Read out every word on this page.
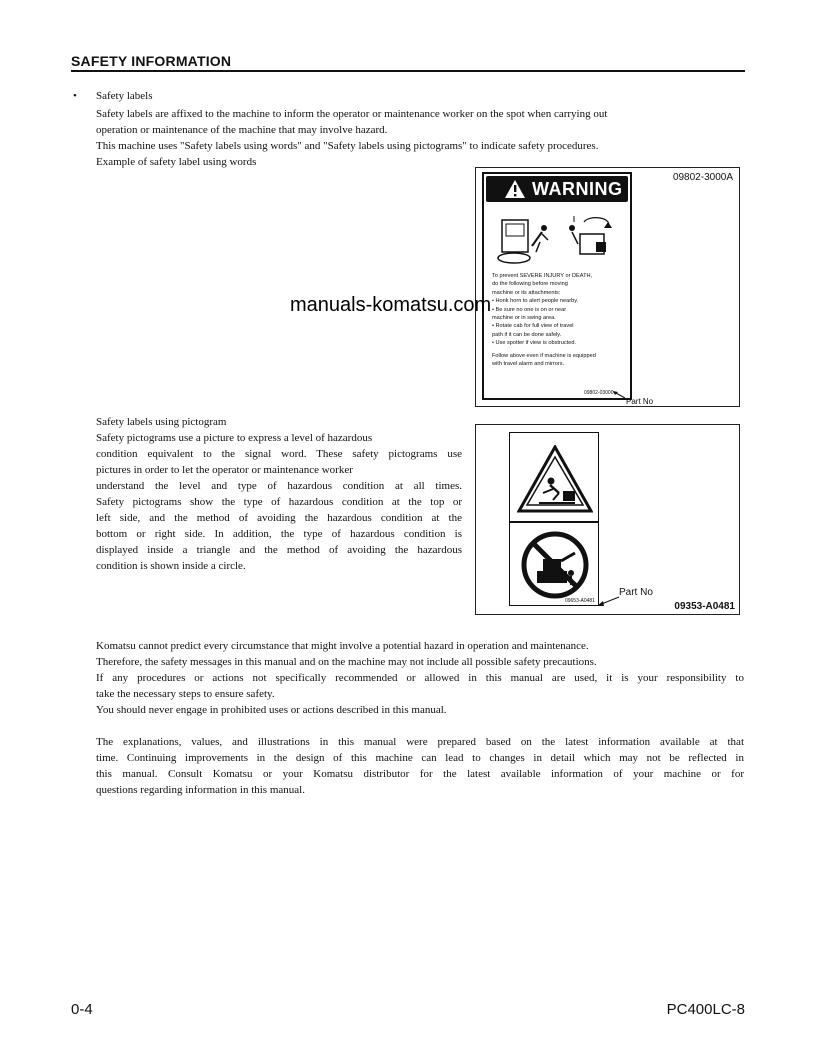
SAFETY INFORMATION
• Safety labels
Safety labels are affixed to the machine to inform the operator or maintenance worker on the spot when carrying out
operation or maintenance of the machine that may involve hazard.
This machine uses "Safety labels using words" and "Safety labels using pictograms" to indicate safety procedures.
Example of safety label using words
09802-3000A
WARNING
To prevent SEVERE INJURY or DEATH,
do the following before moving
machine or its attachments:
• Honk horn to alert people nearby.
• Be sure no one is on or near
machine or in swing area.
• Rotate cab for full view of travel
path if it can be done safely.
• Use spotter if view is obstructed.
Follow above even if machine is equipped
with travel alarm and mirrors.
09802-03000
Part No
manuals-komatsu.com
Safety labels using pictogram
Safety pictograms use a picture to express a level of hazardous
condition equivalent to the signal word. These safety pictograms use
pictures in order to let the operator or maintenance worker
understand the level and type of hazardous condition at all times.
Safety pictograms show the type of hazardous condition at the top or
left side, and the method of avoiding the hazardous condition at the
bottom or right side. In addition, the type of hazardous condition is
displayed inside a triangle and the method of avoiding the hazardous
condition is shown inside a circle.
09653-A0481
Part No
09353-A0481
Komatsu cannot predict every circumstance that might involve a potential hazard in operation and maintenance.
Therefore, the safety messages in this manual and on the machine may not include all possible safety precautions.
If any procedures or actions not specifically recommended or allowed in this manual are used, it is your responsibility to
take the necessary steps to ensure safety.
You should never engage in prohibited uses or actions described in this manual.
The explanations, values, and illustrations in this manual were prepared based on the latest information available at that
time. Continuing improvements in the design of this machine can lead to changes in detail which may not be reflected in
this manual. Consult Komatsu or your Komatsu distributor for the latest available information of your machine or for
questions regarding information in this manual.
0-4	PC400LC-8
